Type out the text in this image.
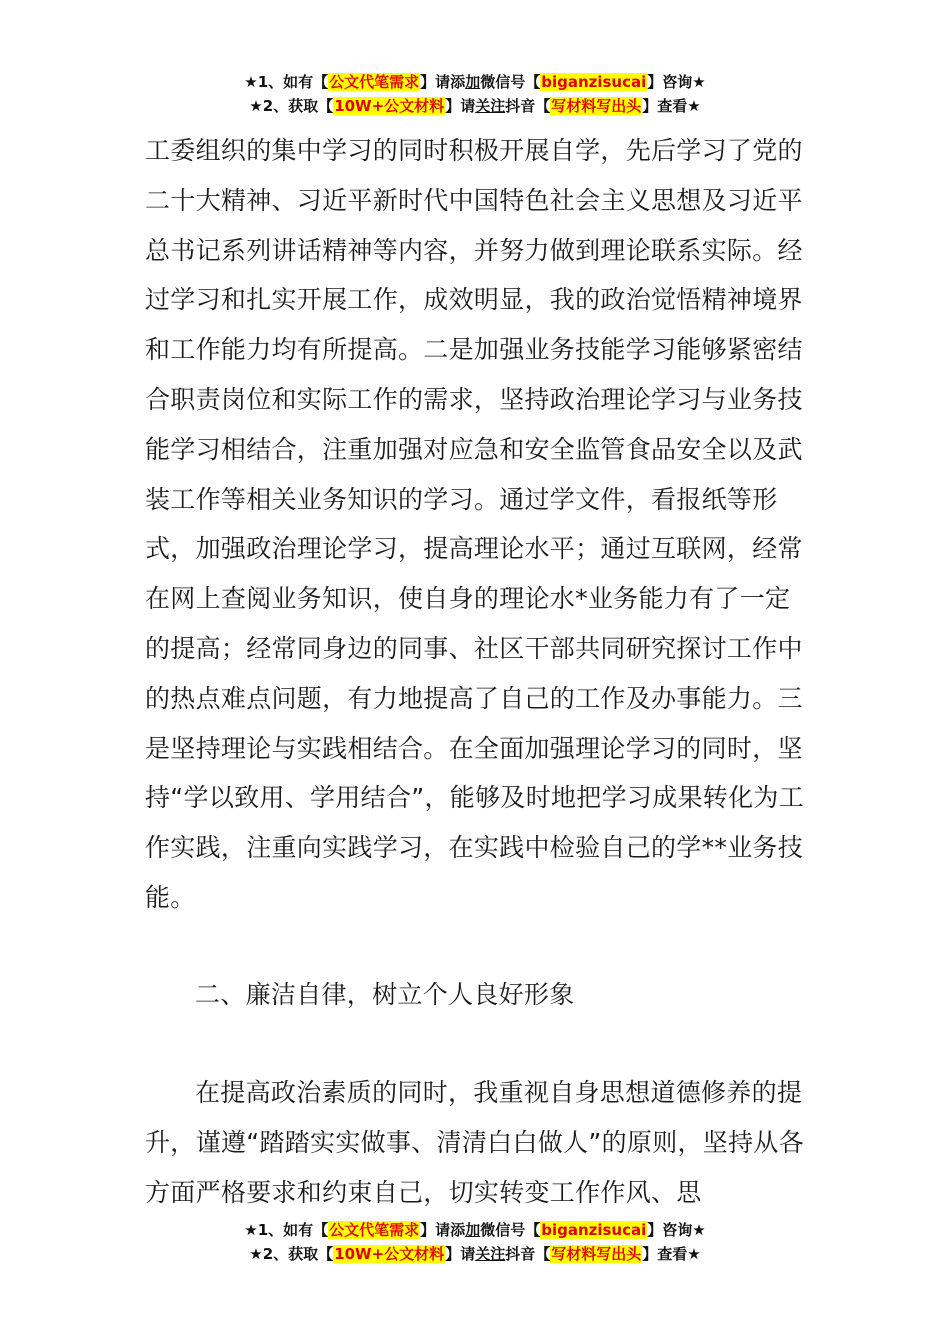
★1、如有【公文代笔需求】请添加微信号【biganzisucai】咨询★
★2、获取【10W+公文材料】请关注抖音【写材料写出头】查看★
工委组织的集中学习的同时积极开展自学，先后学习了党的二十大精神、习近平新时代中国特色社会主义思想及习近平总书记系列讲话精神等内容，并努力做到理论联系实际。经过学习和扎实开展工作，成效明显，我的政治觉悟精神境界和工作能力均有所提高。二是加强业务技能学习能够紧密结合职责岗位和实际工作的需求，坚持政治理论学习与业务技能学习相结合，注重加强对应急和安全监管食品安全以及武装工作等相关业务知识的学习。通过学文件，看报纸等形式，加强政治理论学习，提高理论水平；通过互联网，经常在网上查阅业务知识，使自身的理论水*业务能力有了一定的提高；经常同身边的同事、社区干部共同研究探讨工作中的热点难点问题，有力地提高了自己的工作及办事能力。三是坚持理论与实践相结合。在全面加强理论学习的同时，坚持“学以致用、学用结合”，能够及时地把学习成果转化为工作实践，注重向实践学习，在实践中检验自己的学**业务技能。
二、廉洁自律，树立个人良好形象
在提高政治素质的同时，我重视自身思想道德修养的提升，谨遵“踏踏实实做事、清清白白做人”的原则，坚持从各方面严格要求和约束自己，切实转变工作作风、思
★1、如有【公文代笔需求】请添加微信号【biganzisucai】咨询★
★2、获取【10W+公文材料】请关注抖音【写材料写出头】查看★
